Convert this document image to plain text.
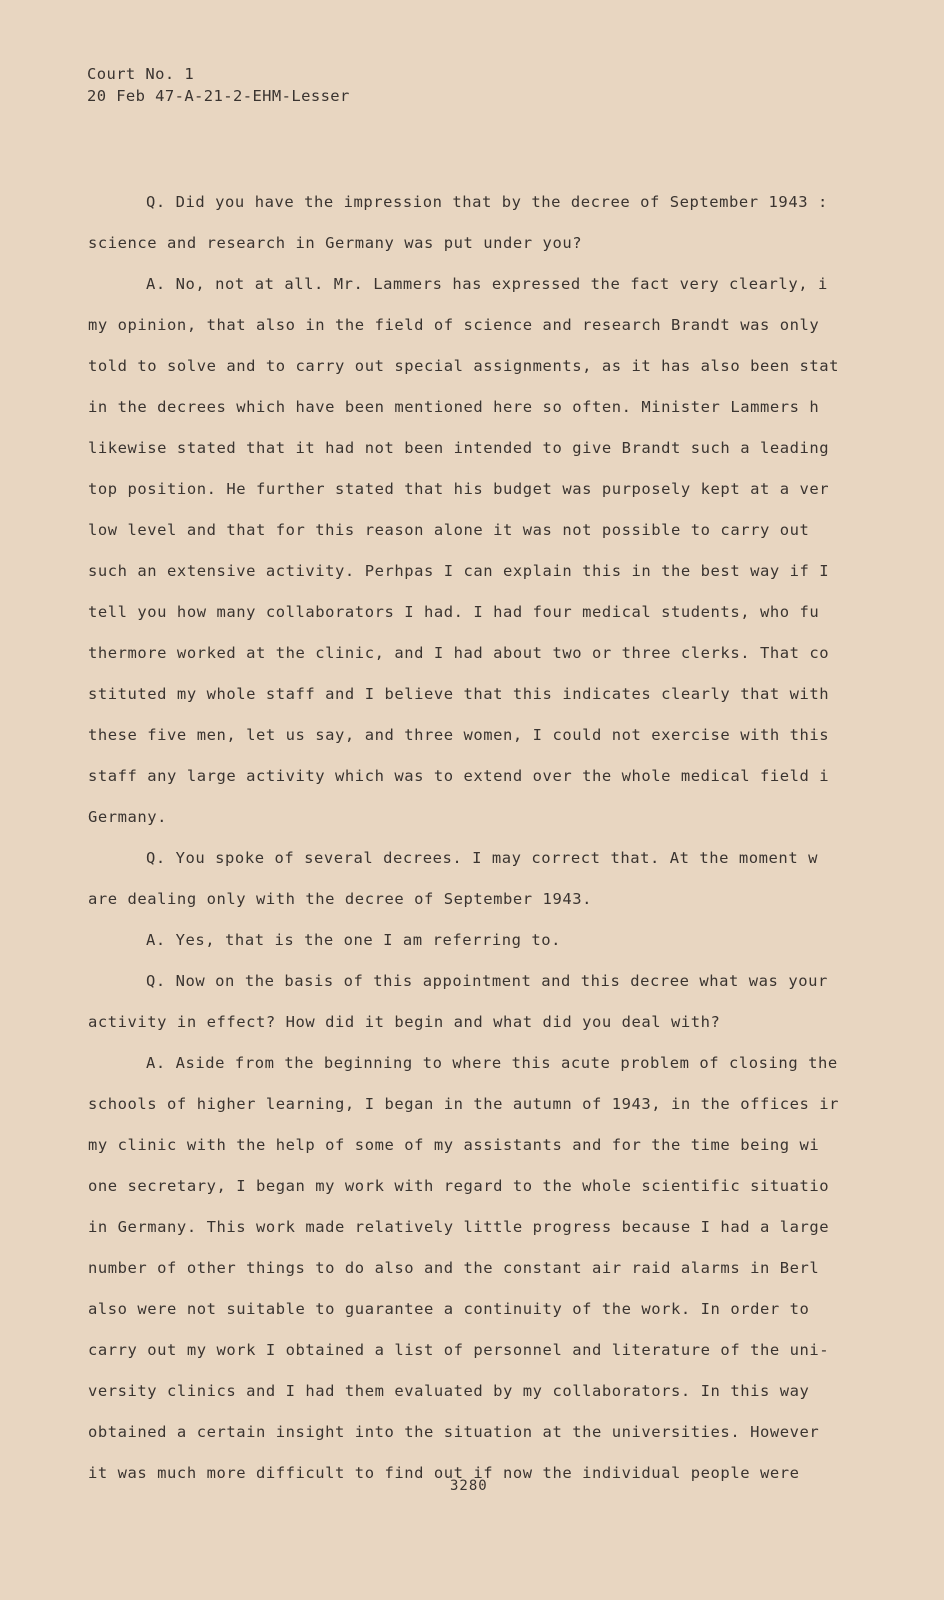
Court No. 1
20 Feb 47-A-21-2-EHM-Lesser
Q. Did you have the impression that by the decree of September 1943 :
science and research in Germany was put under you?
A. No, not at all. Mr. Lammers has expressed the fact very clearly, i
my opinion, that also in the field of science and research Brandt was only
told to solve and to carry out special assignments, as it has also been stat
in the decrees which have been mentioned here so often. Minister Lammers h
likewise stated that it had not been intended to give Brandt such a leading
top position. He further stated that his budget was purposely kept at a ver
low level and that for this reason alone it was not possible to carry out
such an extensive activity. Perhpas I can explain this in the best way if I
tell you how many collaborators I had. I had four medical students, who fu
thermore worked at the clinic, and I had about two or three clerks. That co
stituted my whole staff and I believe that this indicates clearly that with
these five men, let us say, and three women, I could not exercise with this
staff any large activity which was to extend over the whole medical field i
Germany.
Q. You spoke of several decrees. I may correct that. At the moment w
are dealing only with the decree of September 1943.
A. Yes, that is the one I am referring to.
Q. Now on the basis of this appointment and this decree what was your
activity in effect? How did it begin and what did you deal with?
A. Aside from the beginning to where this acute problem of closing the
schools of higher learning, I began in the autumn of 1943, in the offices ir
my clinic with the help of some of my assistants and for the time being wi
one secretary, I began my work with regard to the whole scientific situatio
in Germany. This work made relatively little progress because I had a large
number of other things to do also and the constant air raid alarms in Berl
also were not suitable to guarantee a continuity of the work. In order to
carry out my work I obtained a list of personnel and literature of the uni-
versity clinics and I had them evaluated by my collaborators. In this way
obtained a certain insight into the situation at the universities. However
it was much more difficult to find out if now the individual people were
3280
